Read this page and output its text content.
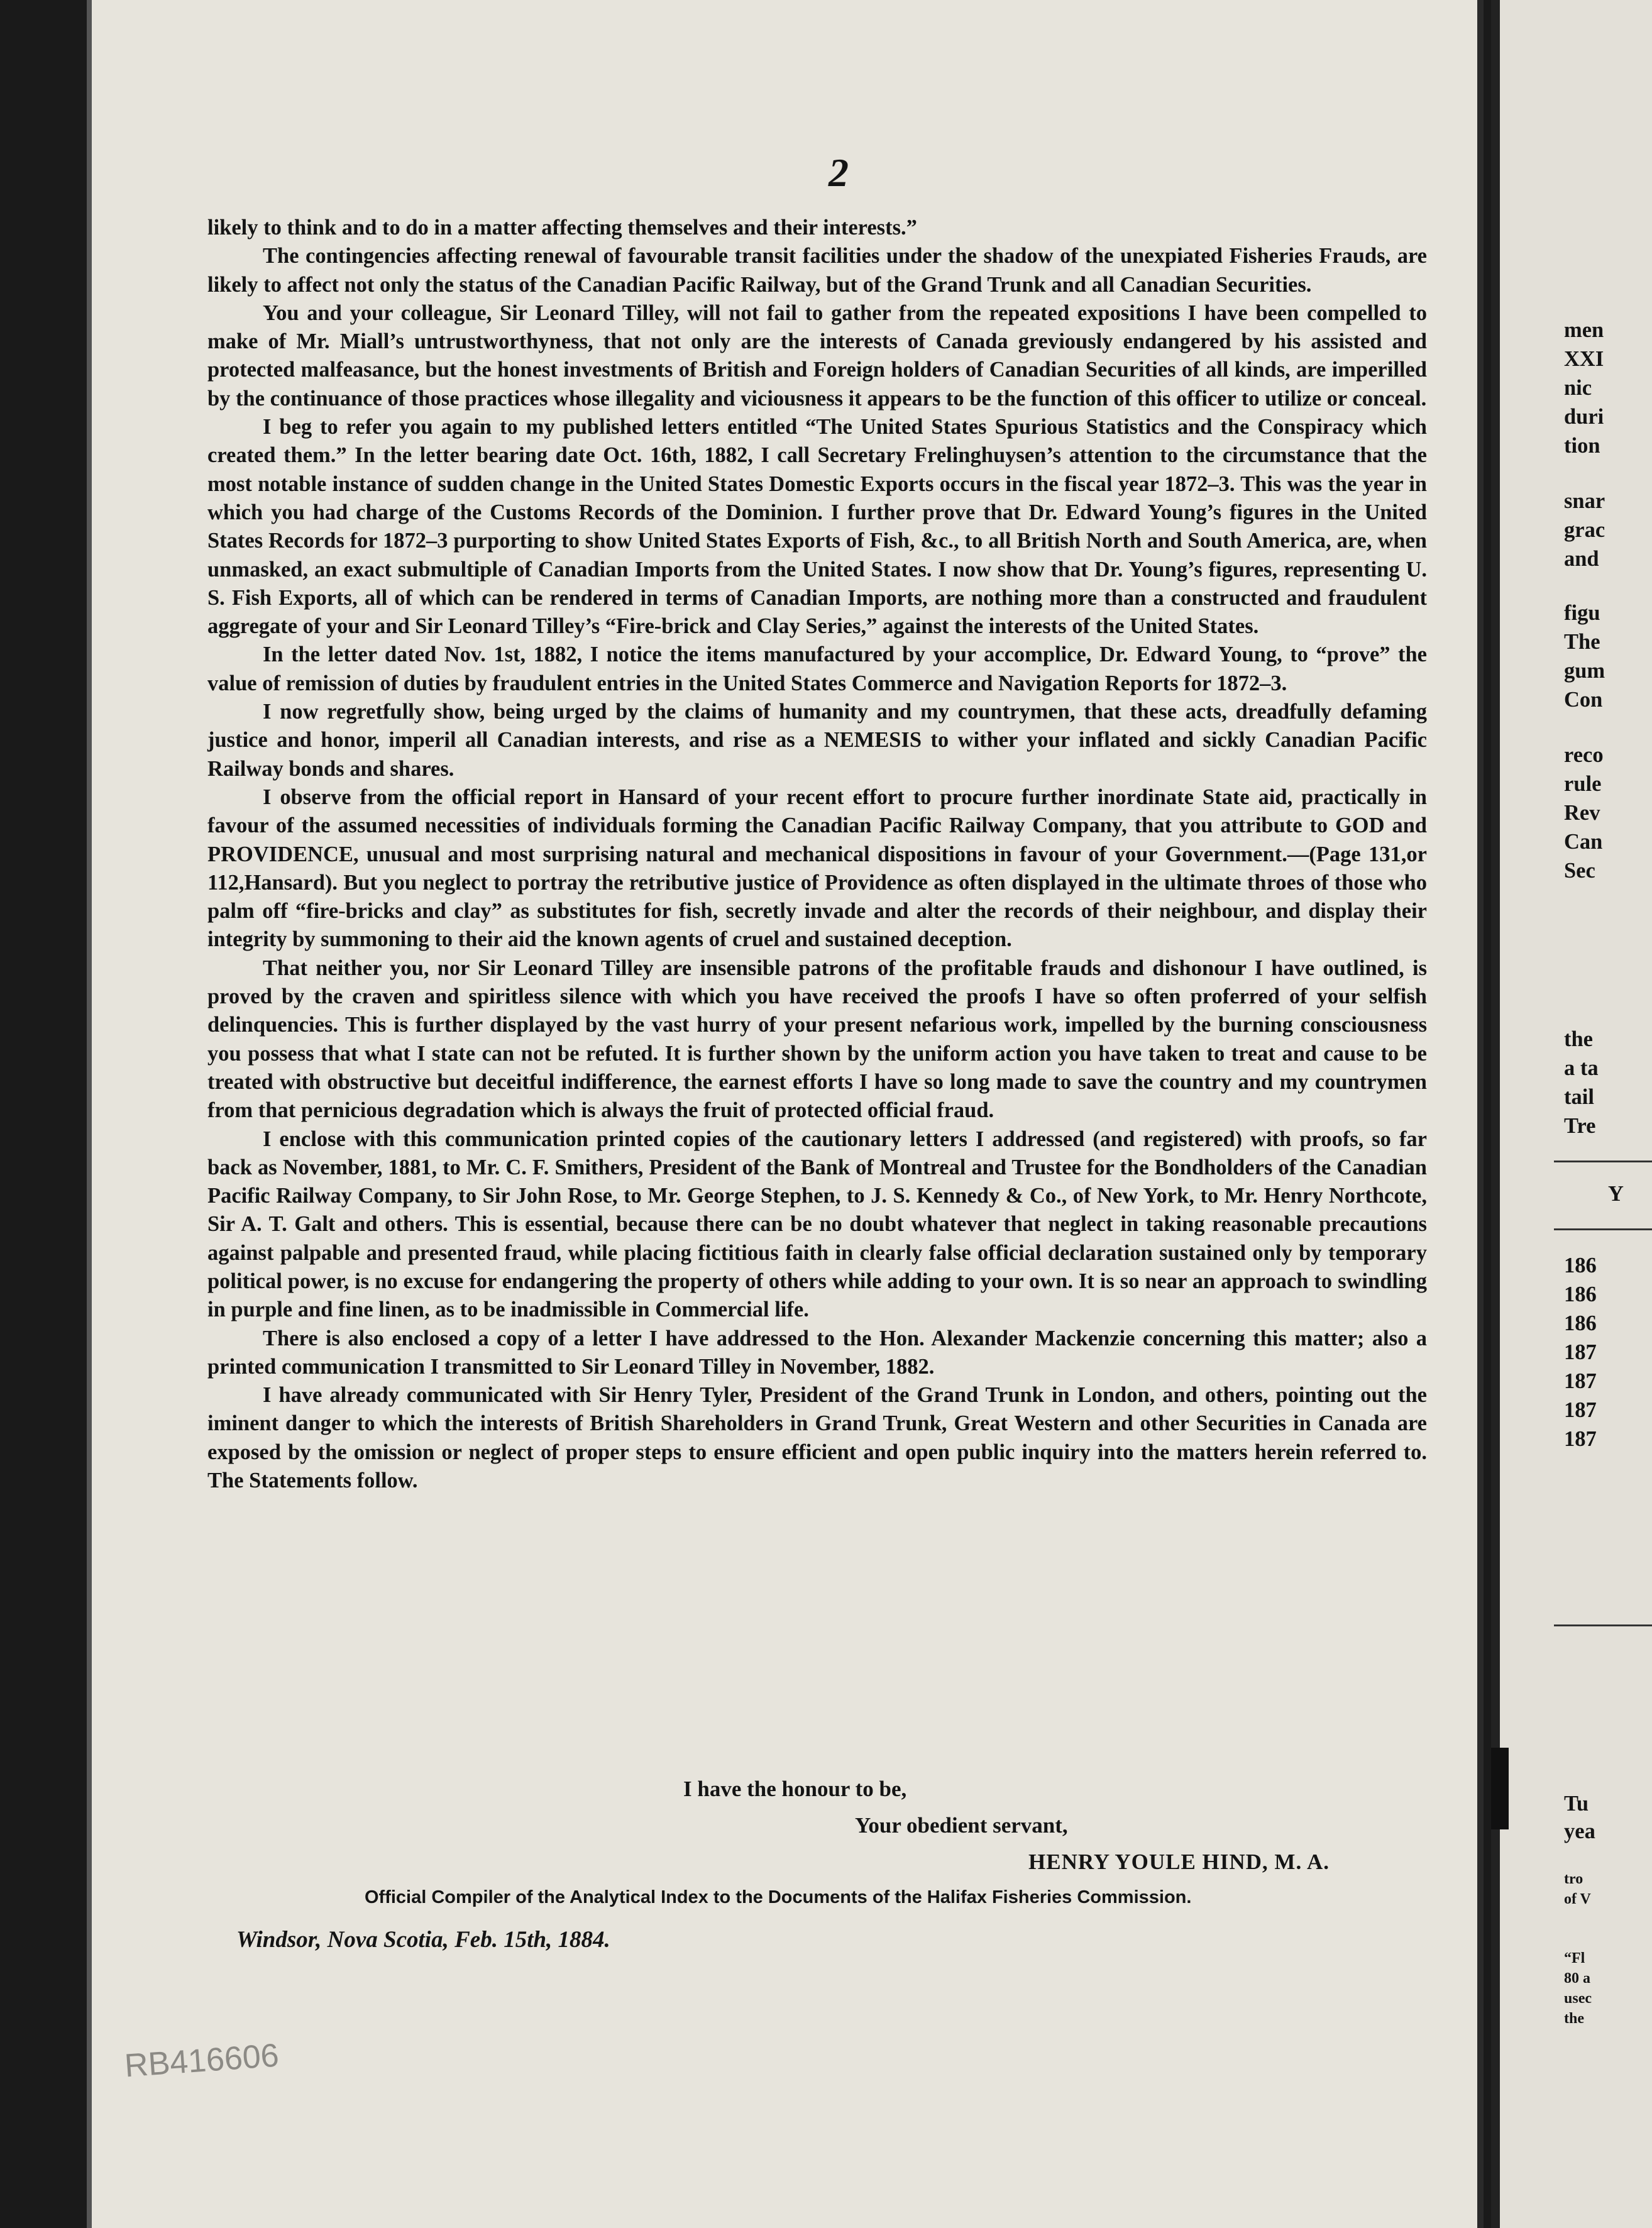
2

likely to think and to do in a matter affecting themselves and their interests.”

The contingencies affecting renewal of favourable transit facilities under the shadow of the unexpiated Fisheries Frauds, are likely to affect not only the status of the Canadian Pacific Railway, but of the Grand Trunk and all Canadian Securities.

You and your colleague, Sir Leonard Tilley, will not fail to gather from the repeated expositions I have been compelled to make of Mr. Miall’s untrustworthyness, that not only are the interests of Canada greviously endangered by his assisted and protected malfeasance, but the honest investments of British and Foreign holders of Canadian Securities of all kinds, are imperilled by the continuance of those practices whose illegality and viciousness it appears to be the function of this officer to utilize or conceal.

I beg to refer you again to my published letters entitled “The United States Spurious Statistics and the Conspiracy which created them.” In the letter bearing date Oct. 16th, 1882, I call Secretary Frelinghuysen’s attention to the circumstance that the most notable instance of sudden change in the United States Domestic Exports occurs in the fiscal year 1872–3. This was the year in which you had charge of the Customs Records of the Dominion. I further prove that Dr. Edward Young’s figures in the United States Records for 1872–3 purporting to show United States Exports of Fish, &c., to all British North and South America, are, when unmasked, an exact submultiple of Canadian Imports from the United States. I now show that Dr. Young’s figures, representing U. S. Fish Exports, all of which can be rendered in terms of Canadian Imports, are nothing more than a constructed and fraudulent aggregate of your and Sir Leonard Tilley’s “Fire-brick and Clay Series,” against the interests of the United States.

In the letter dated Nov. 1st, 1882, I notice the items manufactured by your accomplice, Dr. Edward Young, to “prove” the value of remission of duties by fraudulent entries in the United States Commerce and Navigation Reports for 1872–3.

I now regretfully show, being urged by the claims of humanity and my countrymen, that these acts, dreadfully defaming justice and honor, imperil all Canadian interests, and rise as a NEMESIS to wither your inflated and sickly Canadian Pacific Railway bonds and shares.

I observe from the official report in Hansard of your recent effort to procure further inordinate State aid, practically in favour of the assumed necessities of individuals forming the Canadian Pacific Railway Company, that you attribute to GOD and PROVIDENCE, unusual and most surprising natural and mechanical dispositions in favour of your Government.—(Page 131,or 112,Hansard). But you neglect to portray the retributive justice of Providence as often displayed in the ultimate throes of those who palm off “fire-bricks and clay” as substitutes for fish, secretly invade and alter the records of their neighbour, and display their integrity by summoning to their aid the known agents of cruel and sustained deception.

That neither you, nor Sir Leonard Tilley are insensible patrons of the profitable frauds and dishonour I have outlined, is proved by the craven and spiritless silence with which you have received the proofs I have so often proferred of your selfish delinquencies. This is further displayed by the vast hurry of your present nefarious work, impelled by the burning consciousness you possess that what I state can not be refuted. It is further shown by the uniform action you have taken to treat and cause to be treated with obstructive but deceitful indifference, the earnest efforts I have so long made to save the country and my countrymen from that pernicious degradation which is always the fruit of protected official fraud.

I enclose with this communication printed copies of the cautionary letters I addressed (and registered) with proofs, so far back as November, 1881, to Mr. C. F. Smithers, President of the Bank of Montreal and Trustee for the Bondholders of the Canadian Pacific Railway Company, to Sir John Rose, to Mr. George Stephen, to J. S. Kennedy & Co., of New York, to Mr. Henry Northcote, Sir A. T. Galt and others. This is essential, because there can be no doubt whatever that neglect in taking reasonable precautions against palpable and presented fraud, while placing fictitious faith in clearly false official declaration sustained only by temporary political power, is no excuse for endangering the property of others while adding to your own. It is so near an approach to swindling in purple and fine linen, as to be inadmissible in Commercial life.

There is also enclosed a copy of a letter I have addressed to the Hon. Alexander Mackenzie concerning this matter; also a printed communication I transmitted to Sir Leonard Tilley in November, 1882.

I have already communicated with Sir Henry Tyler, President of the Grand Trunk in London, and others, pointing out the iminent danger to which the interests of British Shareholders in Grand Trunk, Great Western and other Securities in Canada are exposed by the omission or neglect of proper steps to ensure efficient and open public inquiry into the matters herein referred to. The Statements follow.

I have the honour to be,

Your obedient servant,

HENRY YOULE HIND, M. A.

Official Compiler of the Analytical Index to the Documents of the Halifax Fisheries Commission.

Windsor, Nova Scotia, Feb. 15th, 1884.

RB416606

men

XXI

nic

duri

tion

snar

grac

and

figu

The

gum

Con

reco

rule

Rev

Can

Sec

the

a ta

tail

Tre

Y

186

186

186

187

187

187

187

Tu

yea

tro

of V

“Fl

80 a

usec

the
